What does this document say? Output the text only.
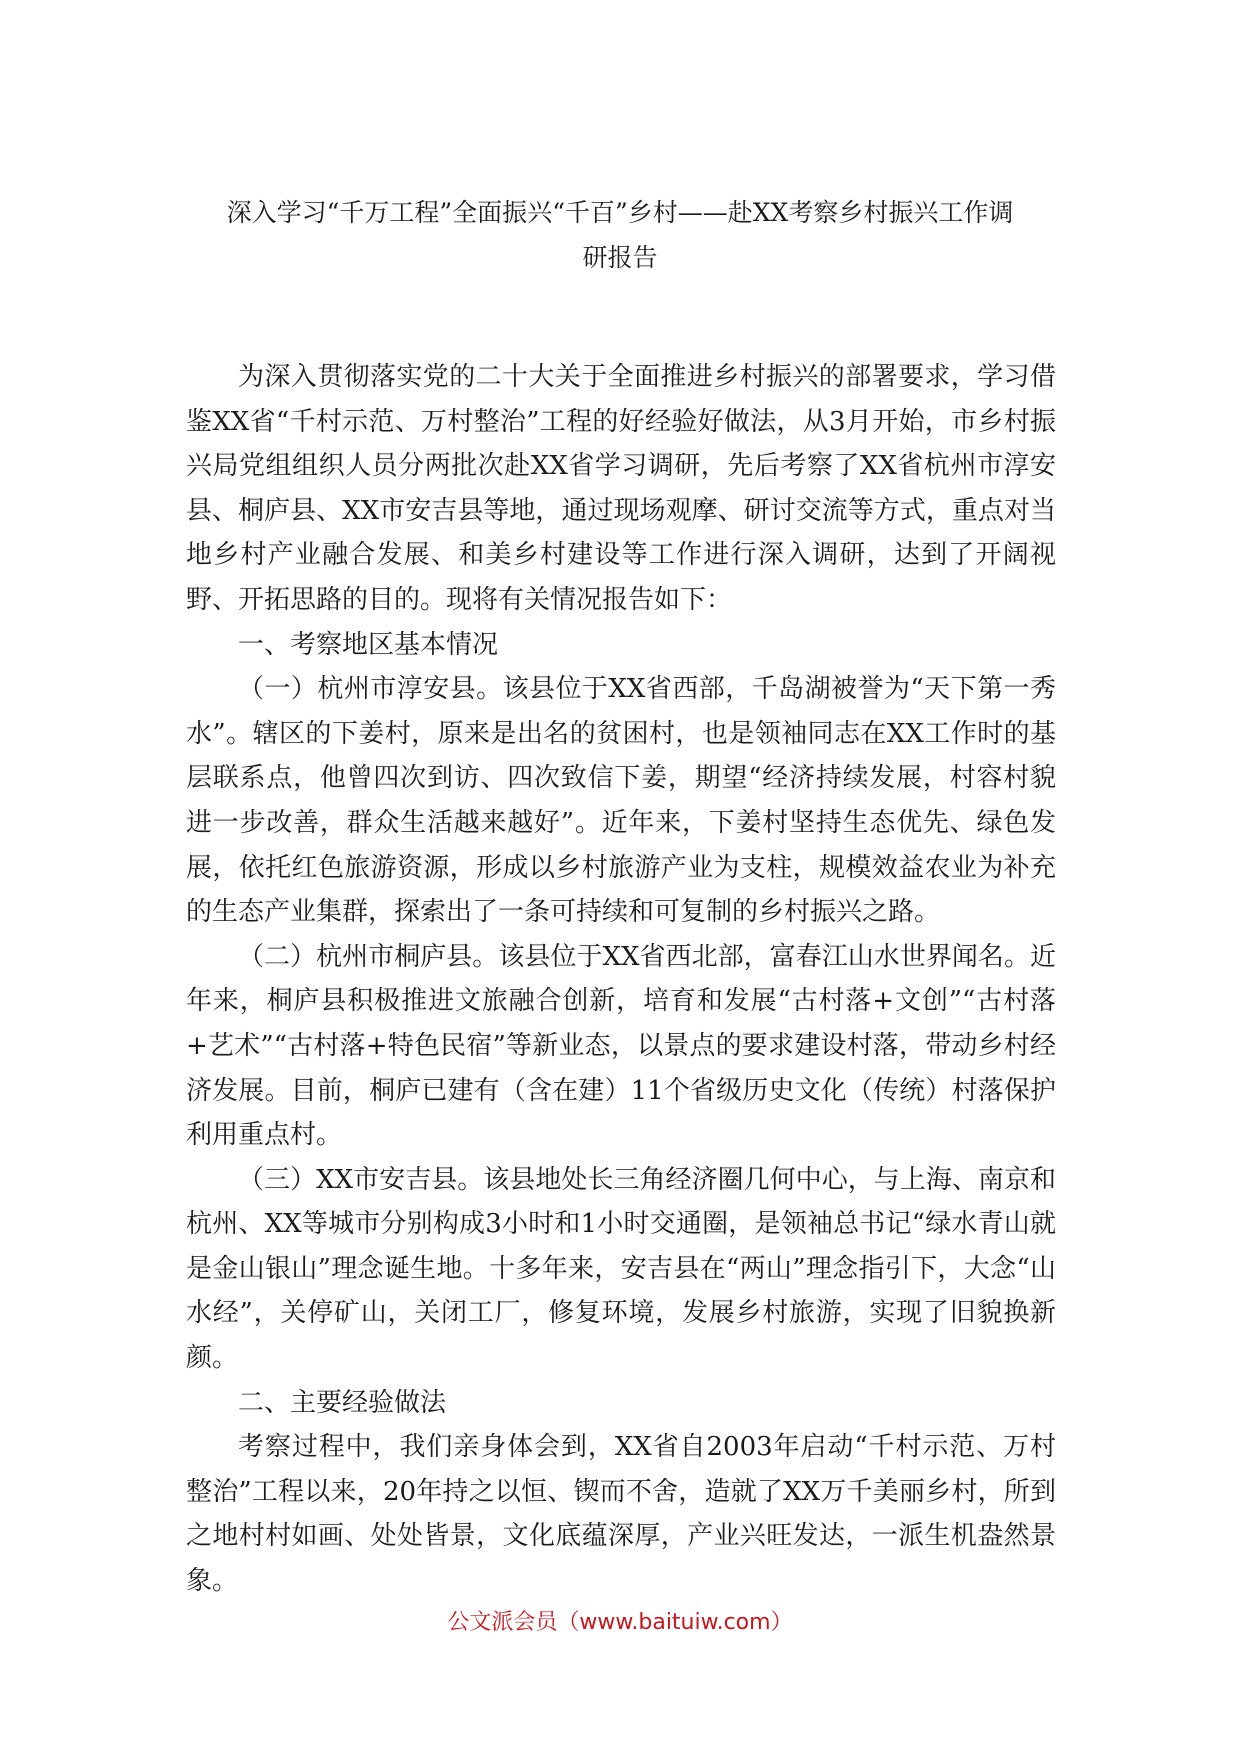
深入学习“千万工程”全面振兴“千百”乡村——赴XX考察乡村振兴工作调
研报告

为深入贯彻落实党的二十大关于全面推进乡村振兴的部署要求，学习借鉴XX省“千村示范、万村整治”工程的好经验好做法，从3月开始，市乡村振兴局党组组织人员分两批次赴XX省学习调研，先后考察了XX省杭州市淳安县、桐庐县、XX市安吉县等地，通过现场观摩、研讨交流等方式，重点对当地乡村产业融合发展、和美乡村建设等工作进行深入调研，达到了开阔视野、开拓思路的目的。现将有关情况报告如下：

一、考察地区基本情况

（一）杭州市淳安县。该县位于XX省西部，千岛湖被誉为“天下第一秀水”。辖区的下姜村，原来是出名的贫困村，也是领袖同志在XX工作时的基层联系点，他曾四次到访、四次致信下姜，期望“经济持续发展，村容村貌进一步改善，群众生活越来越好”。近年来，下姜村坚持生态优先、绿色发展，依托红色旅游资源，形成以乡村旅游产业为支柱，规模效益农业为补充的生态产业集群，探索出了一条可持续和可复制的乡村振兴之路。

（二）杭州市桐庐县。该县位于XX省西北部，富春江山水世界闻名。近年来，桐庐县积极推进文旅融合创新，培育和发展“古村落+文创”“古村落+艺术”“古村落+特色民宿”等新业态，以景点的要求建设村落，带动乡村经济发展。目前，桐庐已建有（含在建）11个省级历史文化（传统）村落保护利用重点村。

（三）XX市安吉县。该县地处长三角经济圈几何中心，与上海、南京和杭州、XX等城市分别构成3小时和1小时交通圈，是领袖总书记“绿水青山就是金山银山”理念诞生地。十多年来，安吉县在“两山”理念指引下，大念“山水经”，关停矿山，关闭工厂，修复环境，发展乡村旅游，实现了旧貌换新颜。

二、主要经验做法

考察过程中，我们亲身体会到，XX省自2003年启动“千村示范、万村整治”工程以来，20年持之以恒、锲而不舍，造就了XX万千美丽乡村，所到之地村村如画、处处皆景，文化底蕴深厚，产业兴旺发达，一派生机盎然景象。

公文派会员（www.baituiw.com）
